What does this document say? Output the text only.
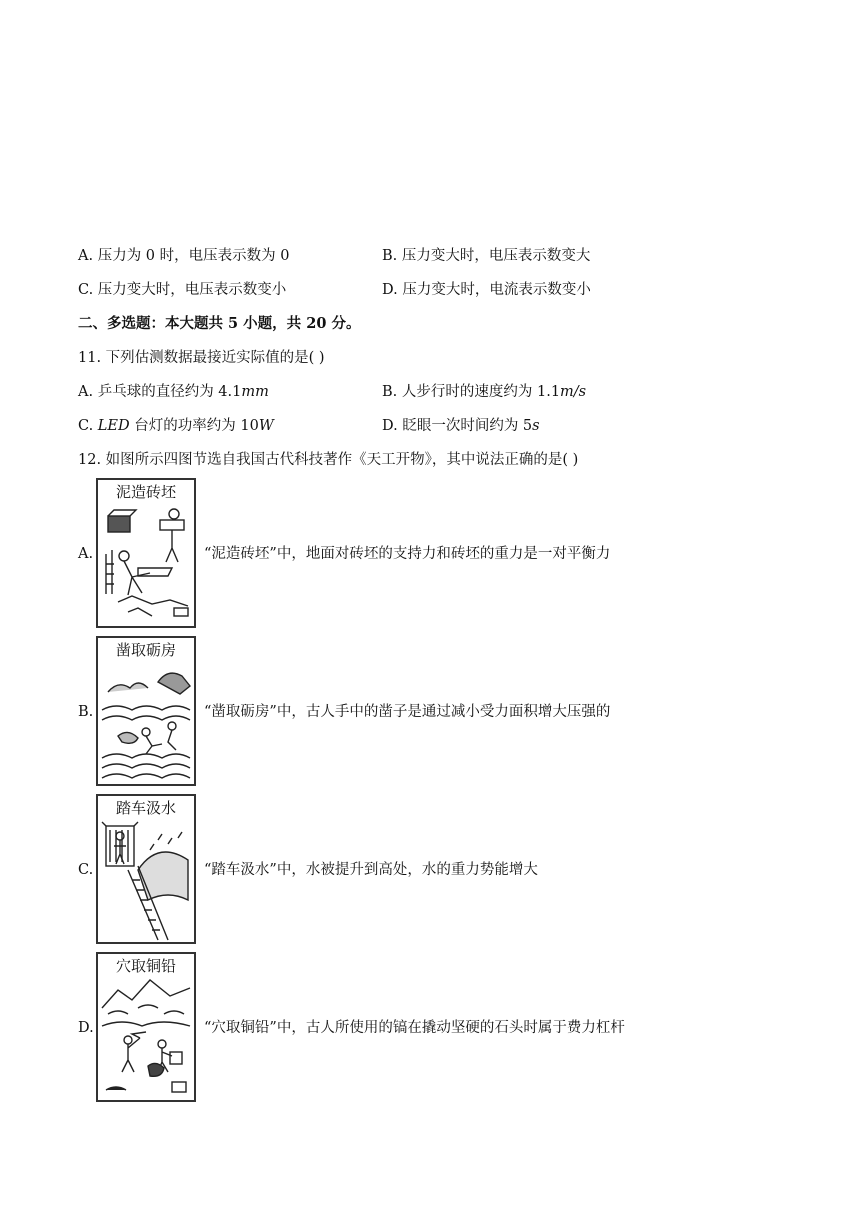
A. 压力为 0 时，电压表示数为 0	B. 压力变大时，电压表示数变大
C. 压力变大时，电压表示数变小	D. 压力变大时，电流表示数变小
二、多选题：本大题共 5 小题，共 20 分。
11. 下列估测数据最接近实际值的是( )
A. 乒乓球的直径约为 4.1mm	B. 人步行时的速度约为 1.1m/s
C. LED 台灯的功率约为 10W	D. 眨眼一次时间约为 5s
12. 如图所示四图节选自我国古代科技著作《天工开物》，其中说法正确的是( )
A.
泥造砖坯
“泥造砖坯”中，地面对砖坯的支持力和砖坯的重力是一对平衡力
B.
凿取砺房
“凿取砺房”中，古人手中的凿子是通过减小受力面积增大压强的
C.
踏车汲水
“踏车汲水”中，水被提升到高处，水的重力势能增大
D.
穴取铜铅
“穴取铜铅”中，古人所使用的镐在撬动坚硬的石头时属于费力杠杆
